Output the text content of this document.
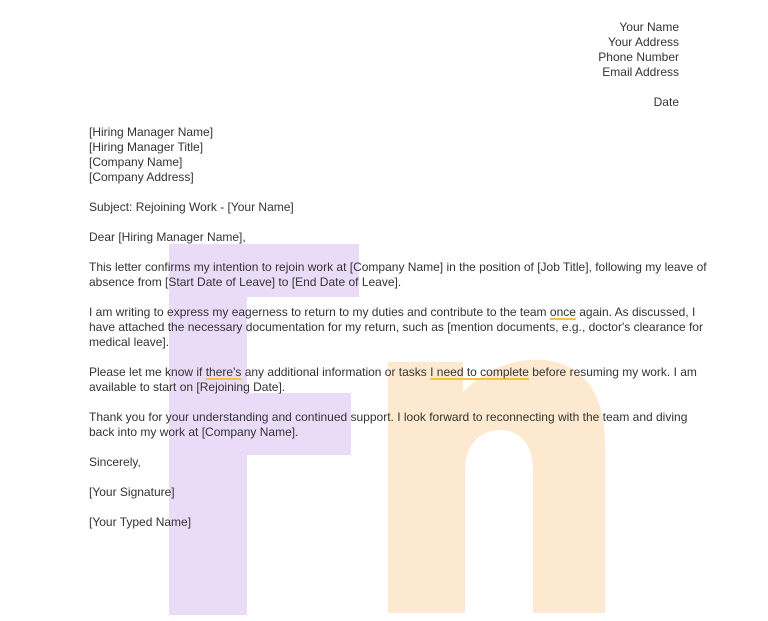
Your Name
Your Address
Phone Number
Email Address
Date
[Hiring Manager Name]
[Hiring Manager Title]
[Company Name]
[Company Address]
Subject: Rejoining Work - [Your Name]
Dear [Hiring Manager Name],
This letter confirms my intention to rejoin work at [Company Name] in the position of [Job Title], following my leave of
absence from [Start Date of Leave] to [End Date of Leave].
I am writing to express my eagerness to return to my duties and contribute to the team once again. As discussed, I
have attached the necessary documentation for my return, such as [mention documents, e.g., doctor's clearance for
medical leave].
Please let me know if there's any additional information or tasks I need to complete before resuming my work. I am
available to start on [Rejoining Date].
Thank you for your understanding and continued support. I look forward to reconnecting with the team and diving
back into my work at [Company Name].
Sincerely,
[Your Signature]
[Your Typed Name]
